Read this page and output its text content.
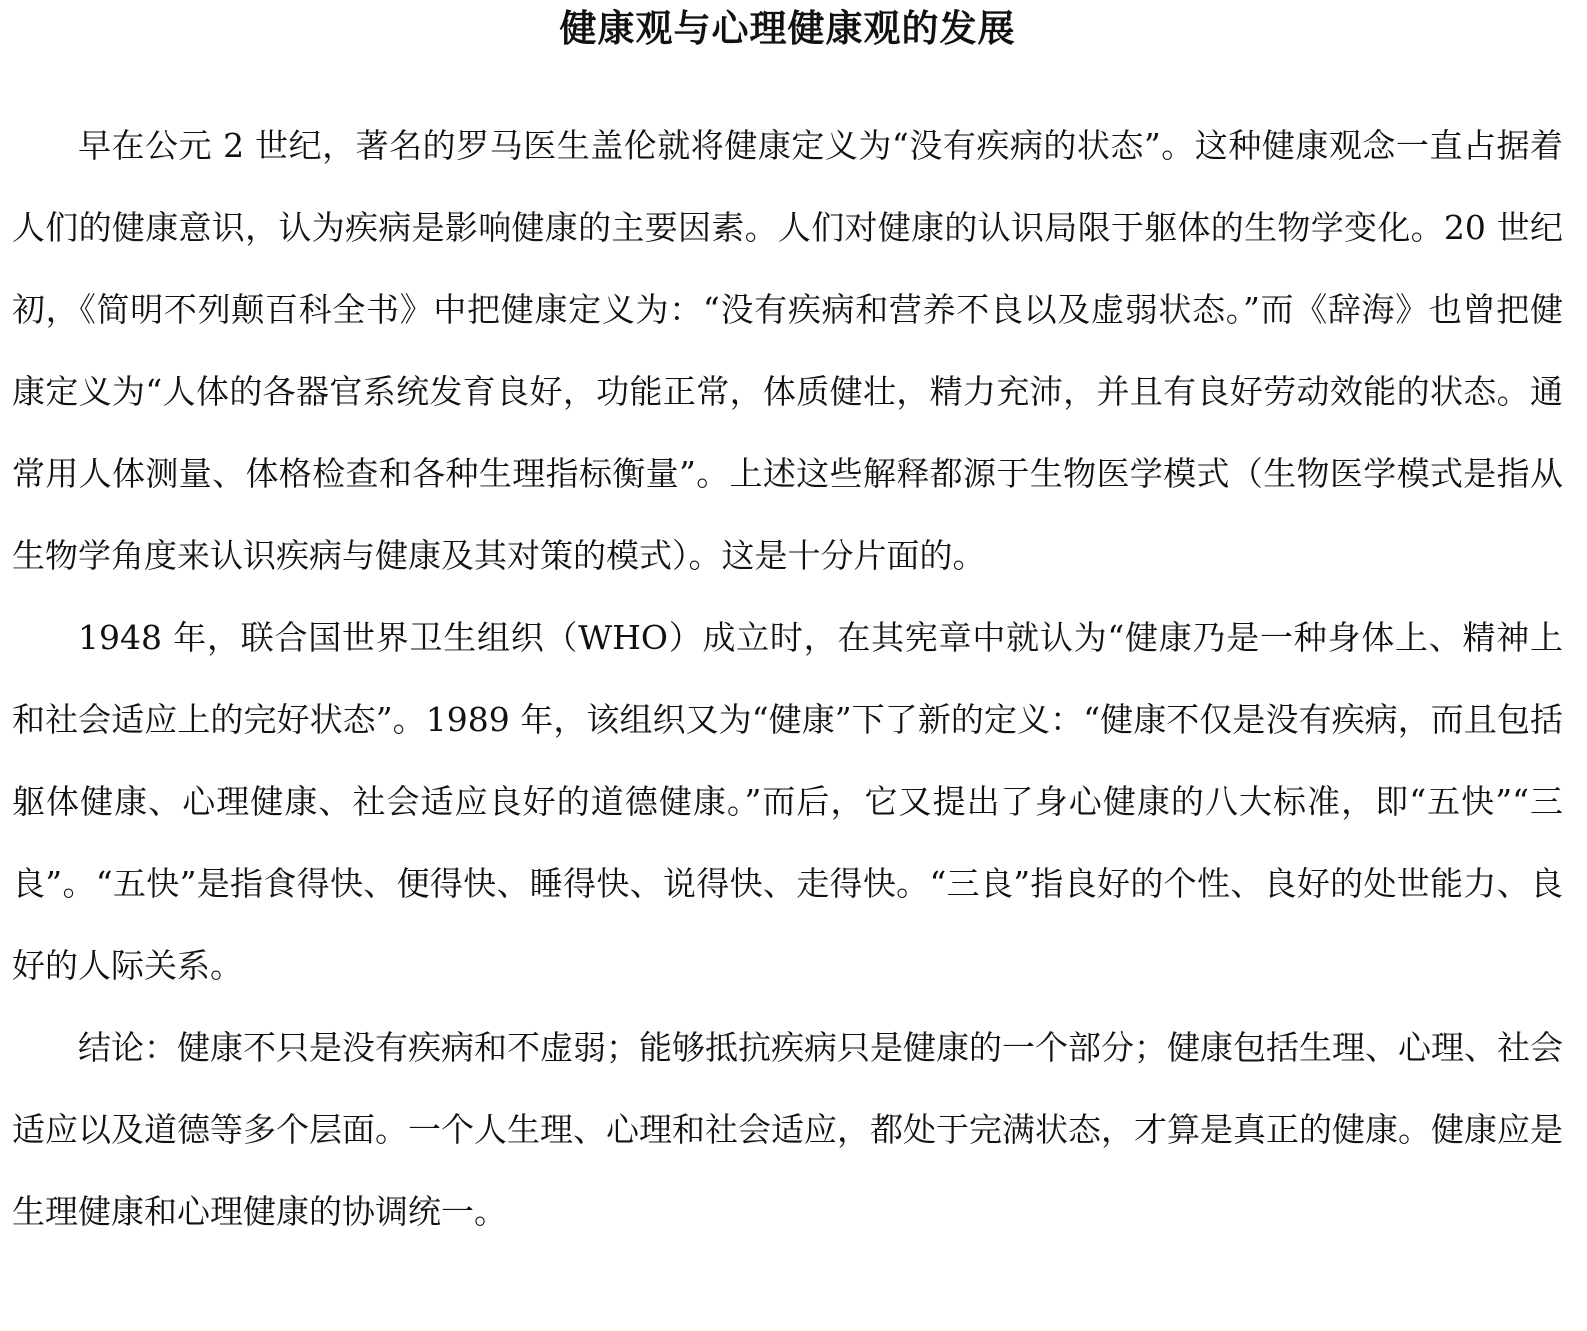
健康观与心理健康观的发展

早在公元 2 世纪，著名的罗马医生盖伦就将健康定义为“没有疾病的状态”。这种健康观念一直占据着人们的健康意识，认为疾病是影响健康的主要因素。人们对健康的认识局限于躯体的生物学变化。20 世纪初，《简明不列颠百科全书》中把健康定义为：“没有疾病和营养不良以及虚弱状态。”而《辞海》也曾把健康定义为“人体的各器官系统发育良好，功能正常，体质健壮，精力充沛，并且有良好劳动效能的状态。通常用人体测量、体格检查和各种生理指标衡量”。上述这些解释都源于生物医学模式（生物医学模式是指从生物学角度来认识疾病与健康及其对策的模式）。这是十分片面的。

1948 年，联合国世界卫生组织（WHO）成立时，在其宪章中就认为“健康乃是一种身体上、精神上和社会适应上的完好状态”。1989 年，该组织又为“健康”下了新的定义：“健康不仅是没有疾病，而且包括躯体健康、心理健康、社会适应良好的道德健康。”而后，它又提出了身心健康的八大标准，即“五快”“三良”。“五快”是指食得快、便得快、睡得快、说得快、走得快。“三良”指良好的个性、良好的处世能力、良好的人际关系。

结论：健康不只是没有疾病和不虚弱；能够抵抗疾病只是健康的一个部分；健康包括生理、心理、社会适应以及道德等多个层面。一个人生理、心理和社会适应，都处于完满状态，才算是真正的健康。健康应是生理健康和心理健康的协调统一。
